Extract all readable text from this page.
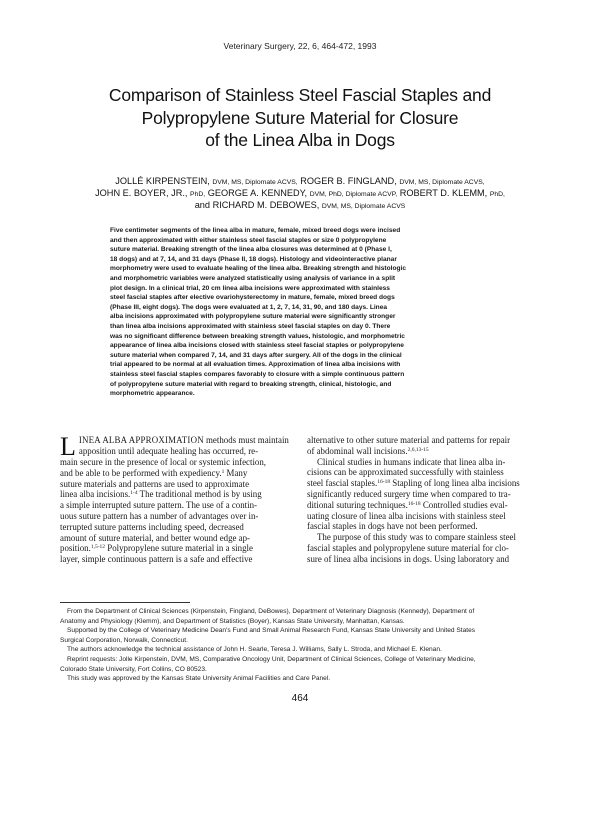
Veterinary Surgery, 22, 6, 464-472, 1993
Comparison of Stainless Steel Fascial Staples and
Polypropylene Suture Material for Closure
of the Linea Alba in Dogs
JOLLÉ KIRPENSTEIN, DVM, MS, Diplomate ACVS, ROGER B. FINGLAND, DVM, MS, Diplomate ACVS,
JOHN E. BOYER, JR., PhD, GEORGE A. KENNEDY, DVM, PhD, Diplomate ACVP, ROBERT D. KLEMM, PhD,
and RICHARD M. DEBOWES, DVM, MS, Diplomate ACVS
Five centimeter segments of the linea alba in mature, female, mixed breed dogs were incised
and then approximated with either stainless steel fascial staples or size 0 polypropylene
suture material. Breaking strength of the linea alba closures was determined at 0 (Phase I,
18 dogs) and at 7, 14, and 31 days (Phase II, 18 dogs). Histology and videointeractive planar
morphometry were used to evaluate healing of the linea alba. Breaking strength and histologic
and morphometric variables were analyzed statistically using analysis of variance in a split
plot design. In a clinical trial, 20 cm linea alba incisions were approximated with stainless
steel fascial staples after elective ovariohysterectomy in mature, female, mixed breed dogs
(Phase III, eight dogs). The dogs were evaluated at 1, 2, 7, 14, 31, 90, and 180 days. Linea
alba incisions approximated with polypropylene suture material were significantly stronger
than linea alba incisions approximated with stainless steel fascial staples on day 0. There
was no significant difference between breaking strength values, histologic, and morphometric
appearance of linea alba incisions closed with stainless steel fascial staples or polypropylene
suture material when compared 7, 14, and 31 days after surgery. All of the dogs in the clinical
trial appeared to be normal at all evaluation times. Approximation of linea alba incisions with
stainless steel fascial staples compares favorably to closure with a simple continuous pattern
of polypropylene suture material with regard to breaking strength, clinical, histologic, and
morphometric appearance.
L INEA ALBA APPROXIMATION methods must maintain
apposition until adequate healing has occurred, re-
main secure in the presence of local or systemic infection,
and be able to be performed with expediency.$^1$ Many
suture materials and patterns are used to approximate
linea alba incisions.$^{1-4}$ The traditional method is by using
a simple interrupted suture pattern. The use of a contin-
uous suture pattern has a number of advantages over in-
terrupted suture patterns including speed, decreased
amount of suture material, and better wound edge ap-
position.$^{1,5-12}$ Polypropylene suture material in a single
layer, simple continuous pattern is a safe and effective
alternative to other suture material and patterns for repair
of abdominal wall incisions.$^{2,6,13-15}$
Clinical studies in humans indicate that linea alba in-
cisions can be approximated successfully with stainless
steel fascial staples.$^{16-18}$ Stapling of long linea alba incisions
significantly reduced surgery time when compared to tra-
ditional suturing techniques.$^{16-18}$ Controlled studies eval-
uating closure of linea alba incisions with stainless steel
fascial staples in dogs have not been performed.
The purpose of this study was to compare stainless steel
fascial staples and polypropylene suture material for clo-
sure of linea alba incisions in dogs. Using laboratory and
From the Department of Clinical Sciences (Kirpenstein, Fingland, DeBowes), Department of Veterinary Diagnosis (Kennedy), Department of
Anatomy and Physiology (Klemm), and Department of Statistics (Boyer), Kansas State University, Manhattan, Kansas.
Supported by the College of Veterinary Medicine Dean's Fund and Small Animal Research Fund, Kansas State University and United States
Surgical Corporation, Norwalk, Connecticut.
The authors acknowledge the technical assistance of John H. Searle, Teresa J. Williams, Sally L. Stroda, and Michael E. Klenan.
Reprint requests: Jolle Kirpenstein, DVM, MS, Comparative Oncology Unit, Department of Clinical Sciences, College of Veterinary Medicine,
Colorado State University, Fort Collins, CO 80523.
This study was approved by the Kansas State University Animal Facilities and Care Panel.
464
